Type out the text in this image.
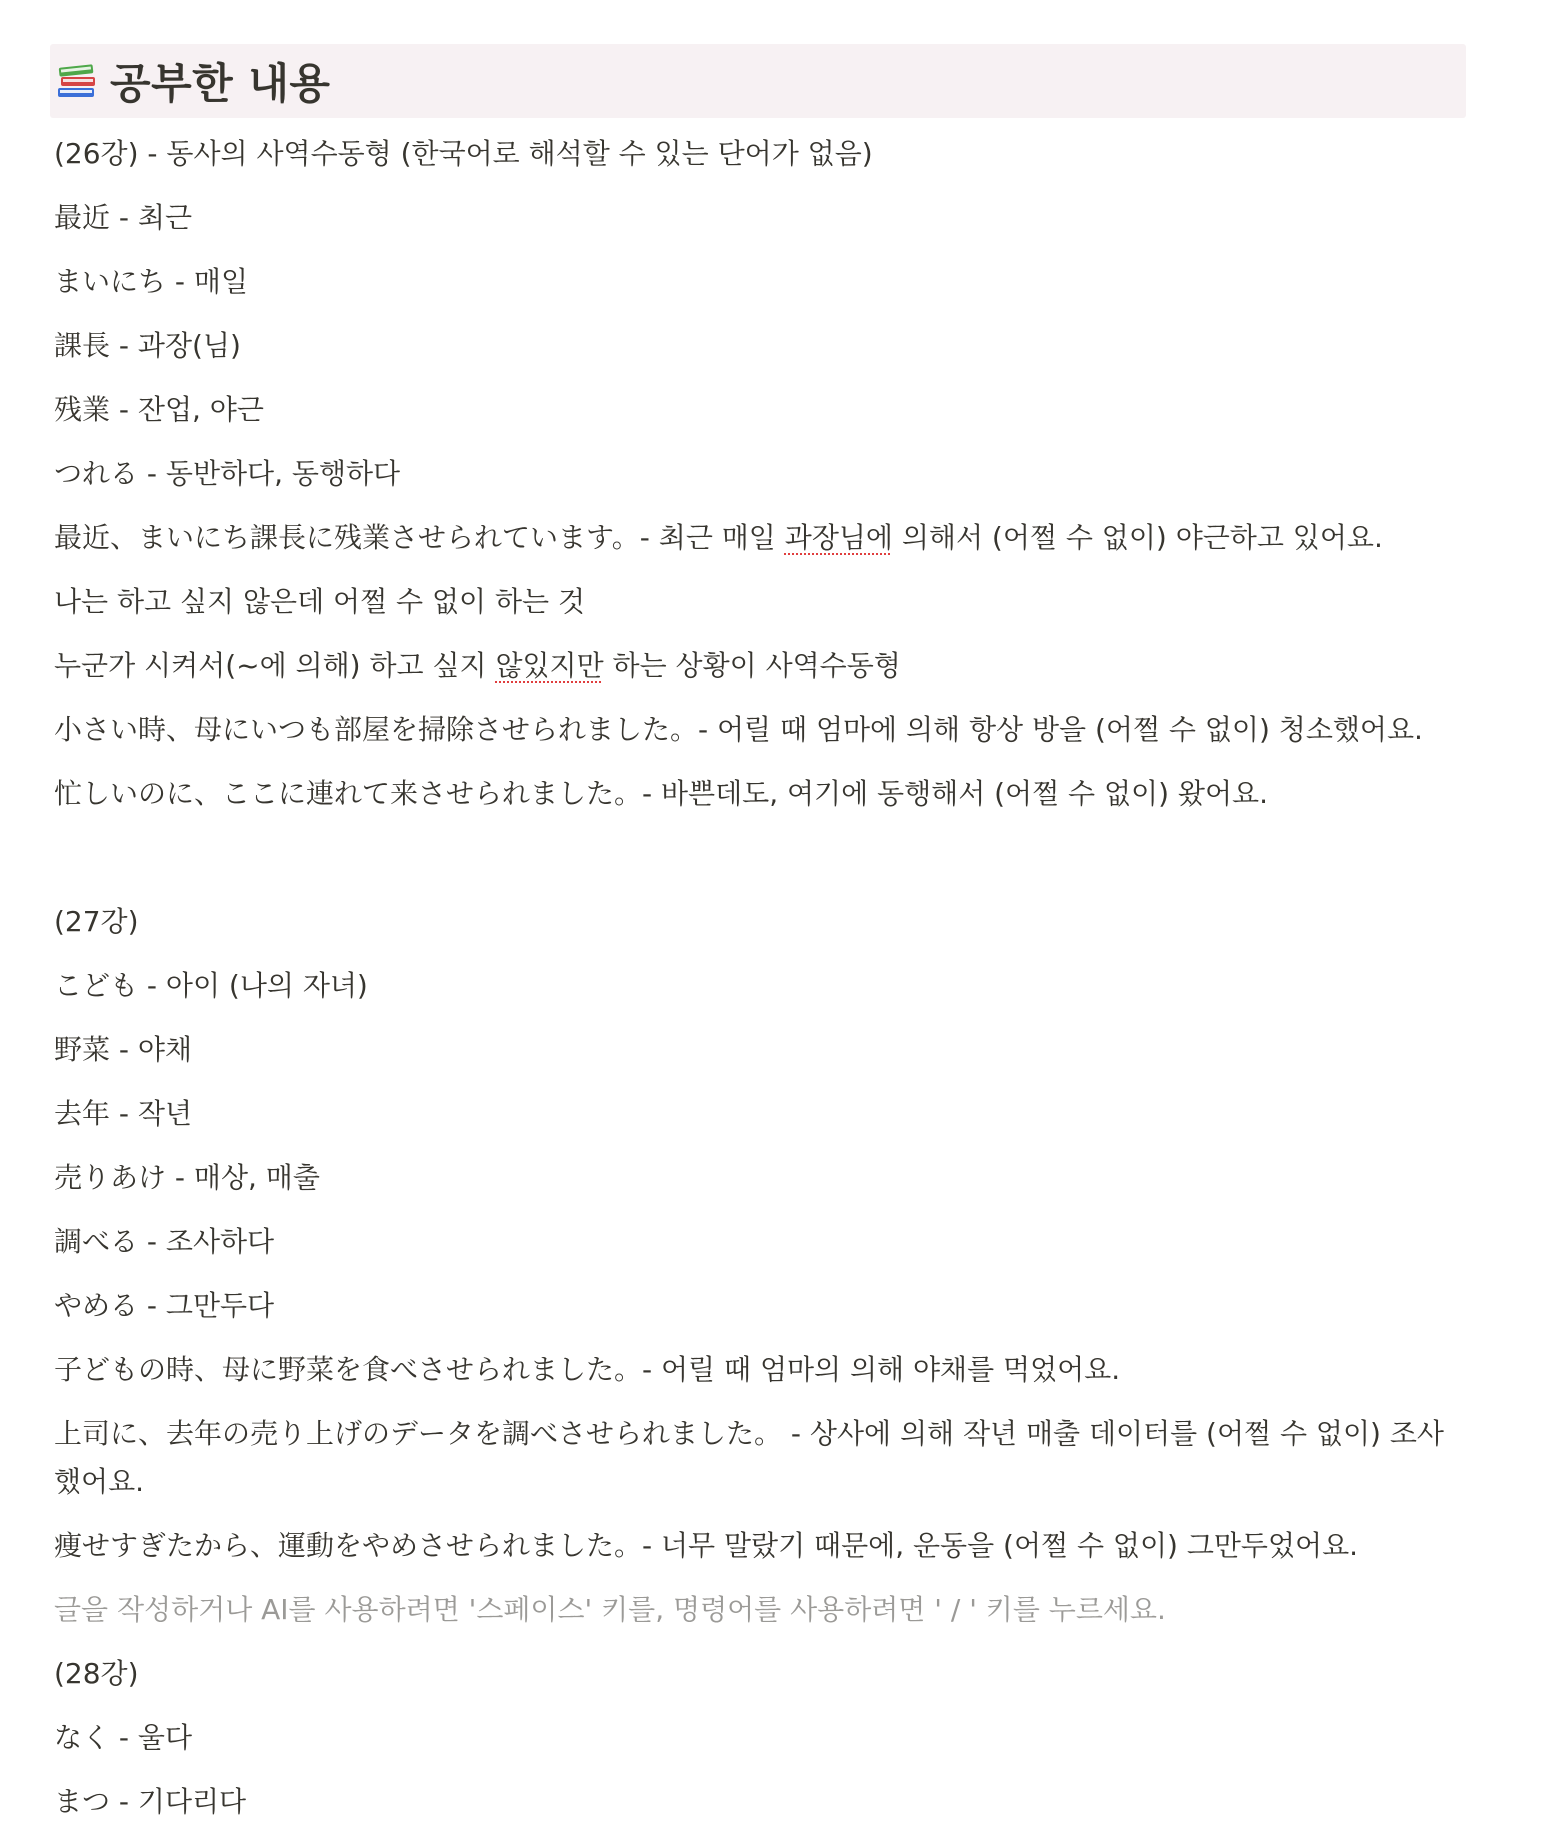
공부한 내용
(26강) - 동사의 사역수동형 (한국어로 해석할 수 있는 단어가 없음)
最近 - 최근
まいにち - 매일
課長 - 과장(님)
残業 - 잔업, 야근
つれる - 동반하다, 동행하다
最近、まいにち課長に残業させられています。- 최근 매일 과장님에 의해서 (어쩔 수 없이) 야근하고 있어요.
나는 하고 싶지 않은데 어쩔 수 없이 하는 것
누군가 시켜서(~에 의해) 하고 싶지 않있지만 하는 상황이 사역수동형
小さい時、母にいつも部屋を掃除させられました。- 어릴 때 엄마에 의해 항상 방을 (어쩔 수 없이) 청소했어요.
忙しいのに、ここに連れて来させられました。- 바쁜데도, 여기에 동행해서 (어쩔 수 없이) 왔어요.
(27강)
こども - 아이 (나의 자녀)
野菜 - 야채
去年 - 작년
売りあけ - 매상, 매출
調べる - 조사하다
やめる - 그만두다
子どもの時、母に野菜を食べさせられました。- 어릴 때 엄마의 의해 야채를 먹었어요.
上司に、去年の売り上げのデータを調べさせられました。 - 상사에 의해 작년 매출 데이터를 (어쩔 수 없이) 조사했어요.
痩せすぎたから、運動をやめさせられました。- 너무 말랐기 때문에, 운동을 (어쩔 수 없이) 그만두었어요.
글을 작성하거나 AI를 사용하려면 '스페이스' 키를, 명령어를 사용하려면 ' / ' 키를 누르세요.
(28강)
なく - 울다
まつ - 기다리다
